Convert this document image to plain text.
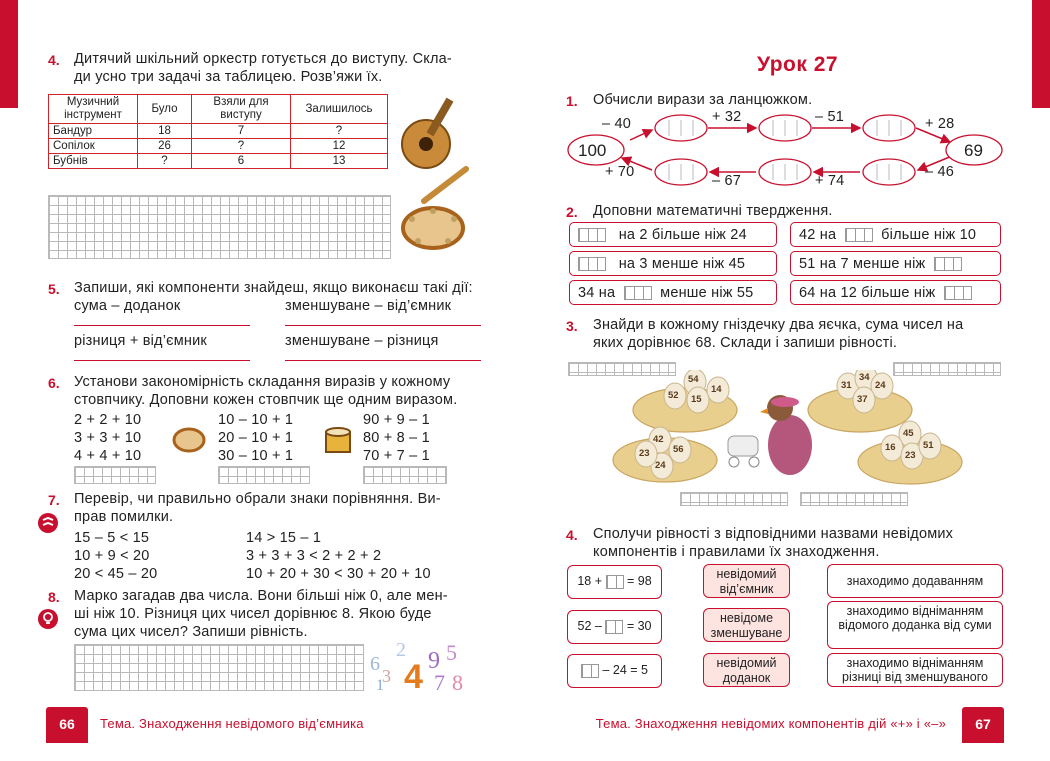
4. Дитячий шкільний оркестр готується до виступу. Скла-
ди усно три задачі за таблицею. Розв’яжи їх.
Музичний інструмент	Було	Взяли для виступу	Залишилось
Бандур	18	7	?
Сопілок	26	?	12
Бубнів	?	6	13
5. Запиши, які компоненти знайдеш, якщо виконаєш такі дії:
сума – доданок	зменшуване – від’ємник
різниця + від’ємник	зменшуване – різниця
6. Установи закономірність складання виразів у кожному
стовпчику. Доповни кожен стовпчик ще одним виразом.
2 + 2 + 10
3 + 3 + 10
4 + 4 + 10
10 – 10 + 1
20 – 10 + 1
30 – 10 + 1
90 + 9 – 1
80 + 8 – 1
70 + 7 – 1
7. Перевір, чи правильно обрали знаки порівняння. Ви-
прав помилки.
15 – 5 < 15
10 + 9 < 20
20 < 45 – 20
14 > 15 – 1
3 + 3 + 3 < 2 + 2 + 2
10 + 20 + 30 < 30 + 20 + 10
8. Марко загадав два числа. Вони більші ніж 0, але мен-
ші ніж 10. Різниця цих чисел дорівнює 8. Якою буде
сума цих чисел? Запиши рівність.
6
3
2
4 9 5
1 7 8
66	Тема. Знаходження невідомого від’ємника
Урок 27
1. Обчисли вирази за ланцюжком.
100	69
– 40	+ 32	– 51	+ 28
+ 70
– 67	+ 74
– 46
2. Доповни математичні твердження.
на 2 більше ніж 24
на 3 менше ніж 45
34 на	менше ніж 55
42 на	більше ніж 10
51 на 7 менше ніж
64 на 12 більше ніж
3. Знайди в кожному гніздечку два яєчка, сума чисел на
яких дорівнює 68. Склади і запиши рівності.
54
52 15
14	31
34
24
37
42
56
24
23
45
16
23
51
4. Сполучи рівності з відповідними назвами невідомих
компонентів і правилами їх знаходження.
18 + = 98
52 – = 30
– 24 = 5
невідомий від’ємник
невідоме зменшуване
невідомий доданок
знаходимо додаванням
знаходимо відніманням відомого доданка від суми
знаходимо відніманням різниці від зменшуваного
Тема. Знаходження невідомих компонентів дій «+» і «–»	67
